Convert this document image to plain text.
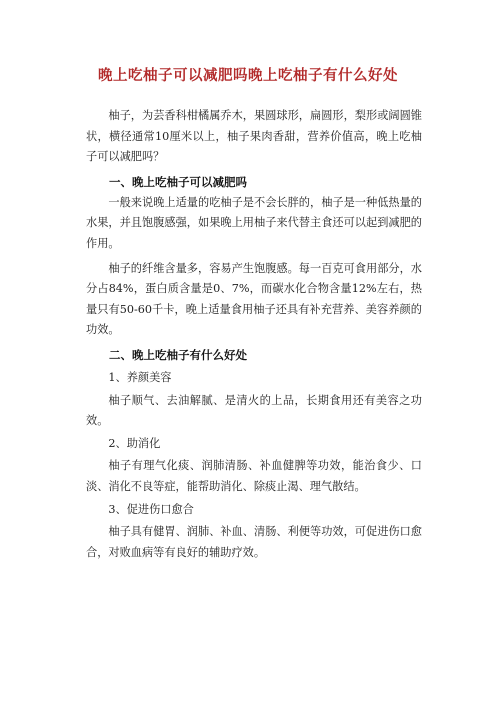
晚上吃柚子可以减肥吗晚上吃柚子有什么好处

柚子，为芸香科柑橘属乔木，果圆球形，扁圆形，梨形或阔圆锥状，横径通常10厘米以上，柚子果肉香甜，营养价值高，晚上吃柚子可以减肥吗？

一、晚上吃柚子可以减肥吗

一般来说晚上适量的吃柚子是不会长胖的，柚子是一种低热量的水果，并且饱腹感强，如果晚上用柚子来代替主食还可以起到减肥的作用。

柚子的纤维含量多，容易产生饱腹感。每一百克可食用部分，水分占84%，蛋白质含量是0、7%，而碳水化合物含量12%左右，热量只有50-60千卡，晚上适量食用柚子还具有补充营养、美容养颜的功效。

二、晚上吃柚子有什么好处

1、养颜美容

柚子顺气、去油解腻、是清火的上品，长期食用还有美容之功效。

2、助消化

柚子有理气化痰、润肺清肠、补血健脾等功效，能治食少、口淡、消化不良等症，能帮助消化、除痰止渴、理气散结。

3、促进伤口愈合

柚子具有健胃、润肺、补血、清肠、利便等功效，可促进伤口愈合，对败血病等有良好的辅助疗效。
